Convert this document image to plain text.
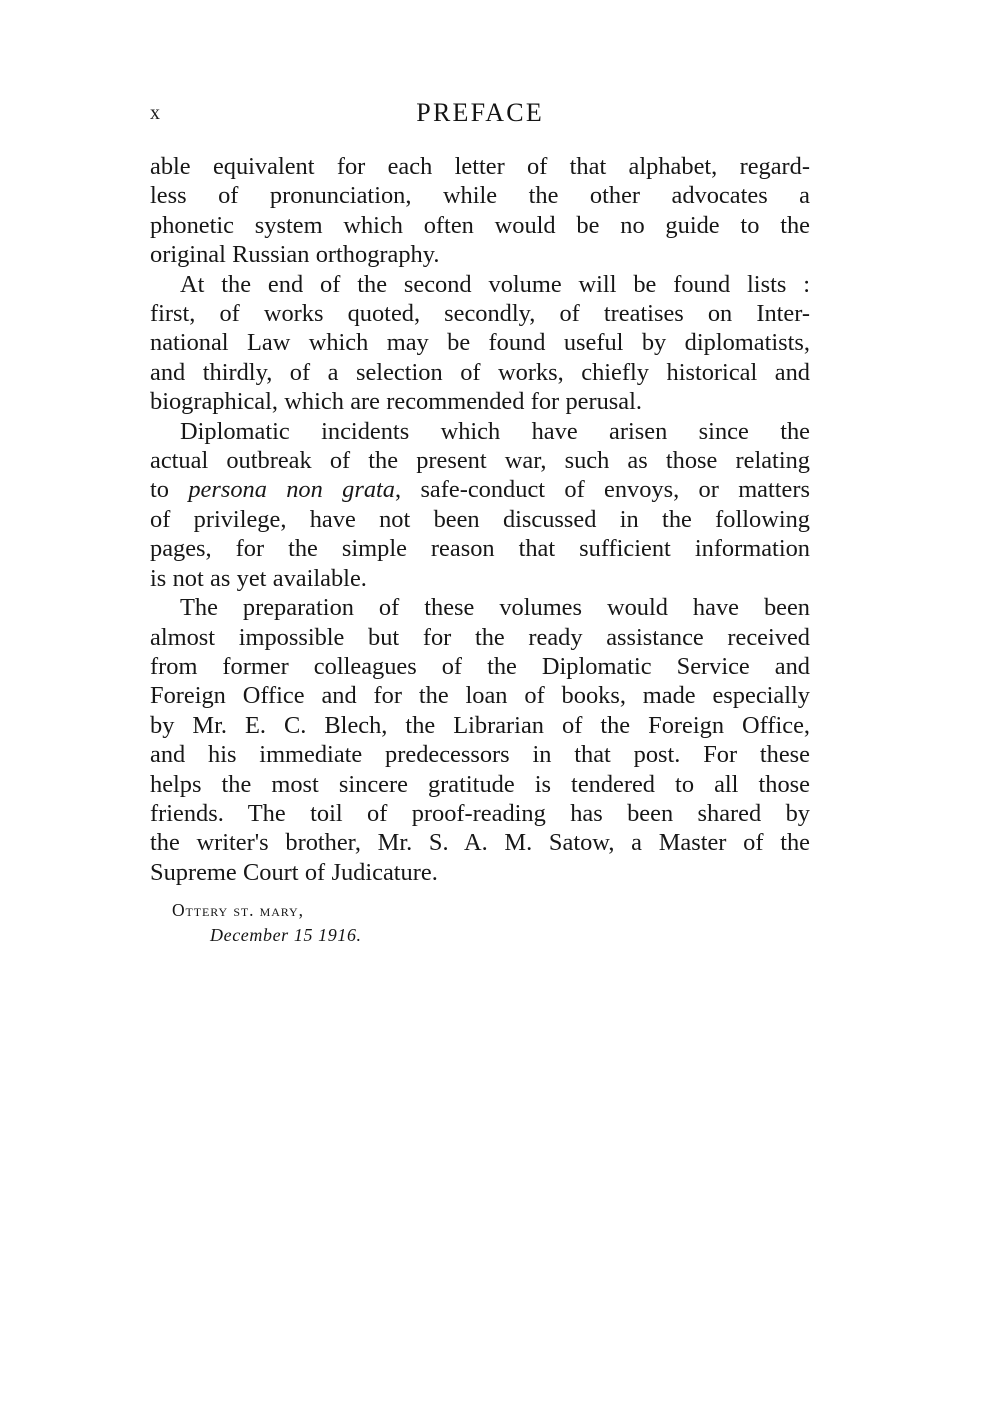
x	PREFACE

able equivalent for each letter of that alphabet, regard-
less of pronunciation, while the other advocates a
phonetic system which often would be no guide to the
original Russian orthography.

At the end of the second volume will be found lists :
first, of works quoted, secondly, of treatises on Inter-
national Law which may be found useful by diplomatists,
and thirdly, of a selection of works, chiefly historical and
biographical, which are recommended for perusal.

Diplomatic incidents which have arisen since the
actual outbreak of the present war, such as those relating
to persona non grata, safe-conduct of envoys, or matters
of privilege, have not been discussed in the following
pages, for the simple reason that sufficient information
is not as yet available.

The preparation of these volumes would have been
almost impossible but for the ready assistance received
from former colleagues of the Diplomatic Service and
Foreign Office and for the loan of books, made especially
by Mr. E. C. Blech, the Librarian of the Foreign Office,
and his immediate predecessors in that post. For these
helps the most sincere gratitude is tendered to all those
friends. The toil of proof-reading has been shared by
the writer's brother, Mr. S. A. M. Satow, a Master of the
Supreme Court of Judicature.

Ottery st. mary,
December 15 1916.
